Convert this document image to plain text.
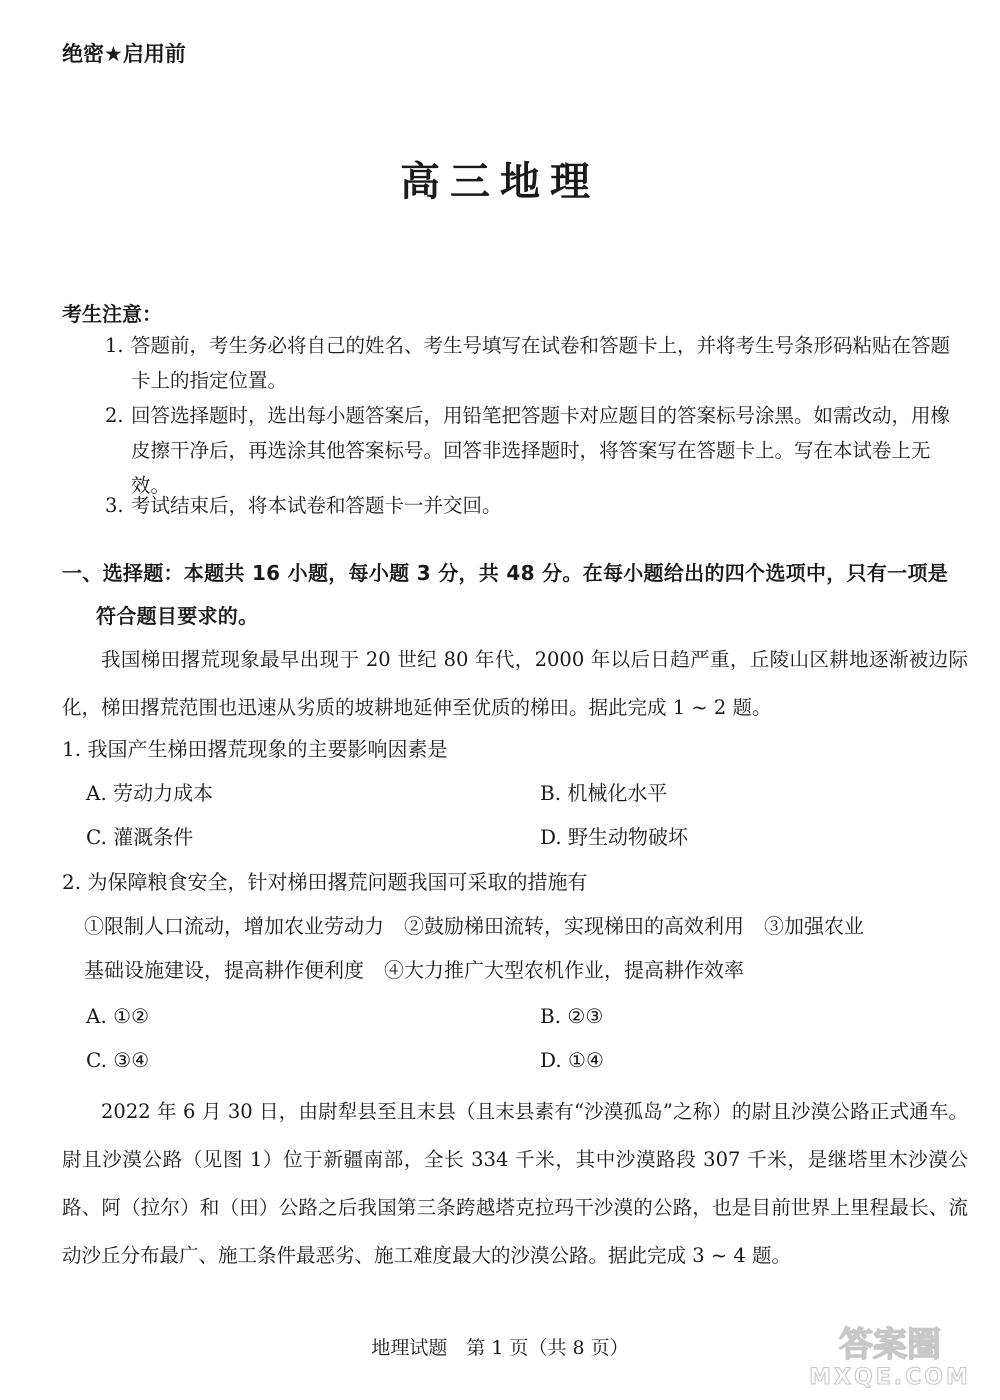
绝密★启用前
高三地理
考生注意：
1. 答题前，考生务必将自己的姓名、考生号填写在试卷和答题卡上，并将考生号条形码粘贴在答题卡上的指定位置。
2. 回答选择题时，选出每小题答案后，用铅笔把答题卡对应题目的答案标号涂黑。如需改动，用橡皮擦干净后，再选涂其他答案标号。回答非选择题时，将答案写在答题卡上。写在本试卷上无效。
3. 考试结束后，将本试卷和答题卡一并交回。
一、选择题：本题共 16 小题，每小题 3 分，共 48 分。在每小题给出的四个选项中，只有一项是
符合题目要求的。
我国梯田撂荒现象最早出现于 20 世纪 80 年代，2000 年以后日趋严重，丘陵山区耕地逐渐被边际化，梯田撂荒范围也迅速从劣质的坡耕地延伸至优质的梯田。据此完成 1 ~ 2 题。
1. 我国产生梯田撂荒现象的主要影响因素是
A. 劳动力成本	B. 机械化水平
C. 灌溉条件	D. 野生动物破坏
2. 为保障粮食安全，针对梯田撂荒问题我国可采取的措施有
①限制人口流动，增加农业劳动力　②鼓励梯田流转，实现梯田的高效利用　③加强农业
基础设施建设，提高耕作便利度　④大力推广大型农机作业，提高耕作效率
A. ①②	B. ②③
C. ③④	D. ①④
2022 年 6 月 30 日，由尉犁县至且末县（且末县素有“沙漠孤岛”之称）的尉且沙漠公路正式通车。尉且沙漠公路（见图 1）位于新疆南部，全长 334 千米，其中沙漠路段 307 千米，是继塔里木沙漠公路、阿（拉尔）和（田）公路之后我国第三条跨越塔克拉玛干沙漠的公路，也是目前世界上里程最长、流动沙丘分布最广、施工条件最恶劣、施工难度最大的沙漠公路。据此完成 3 ~ 4 题。
地理试题　第 1 页（共 8 页）	答案圈
MXQE.COM
